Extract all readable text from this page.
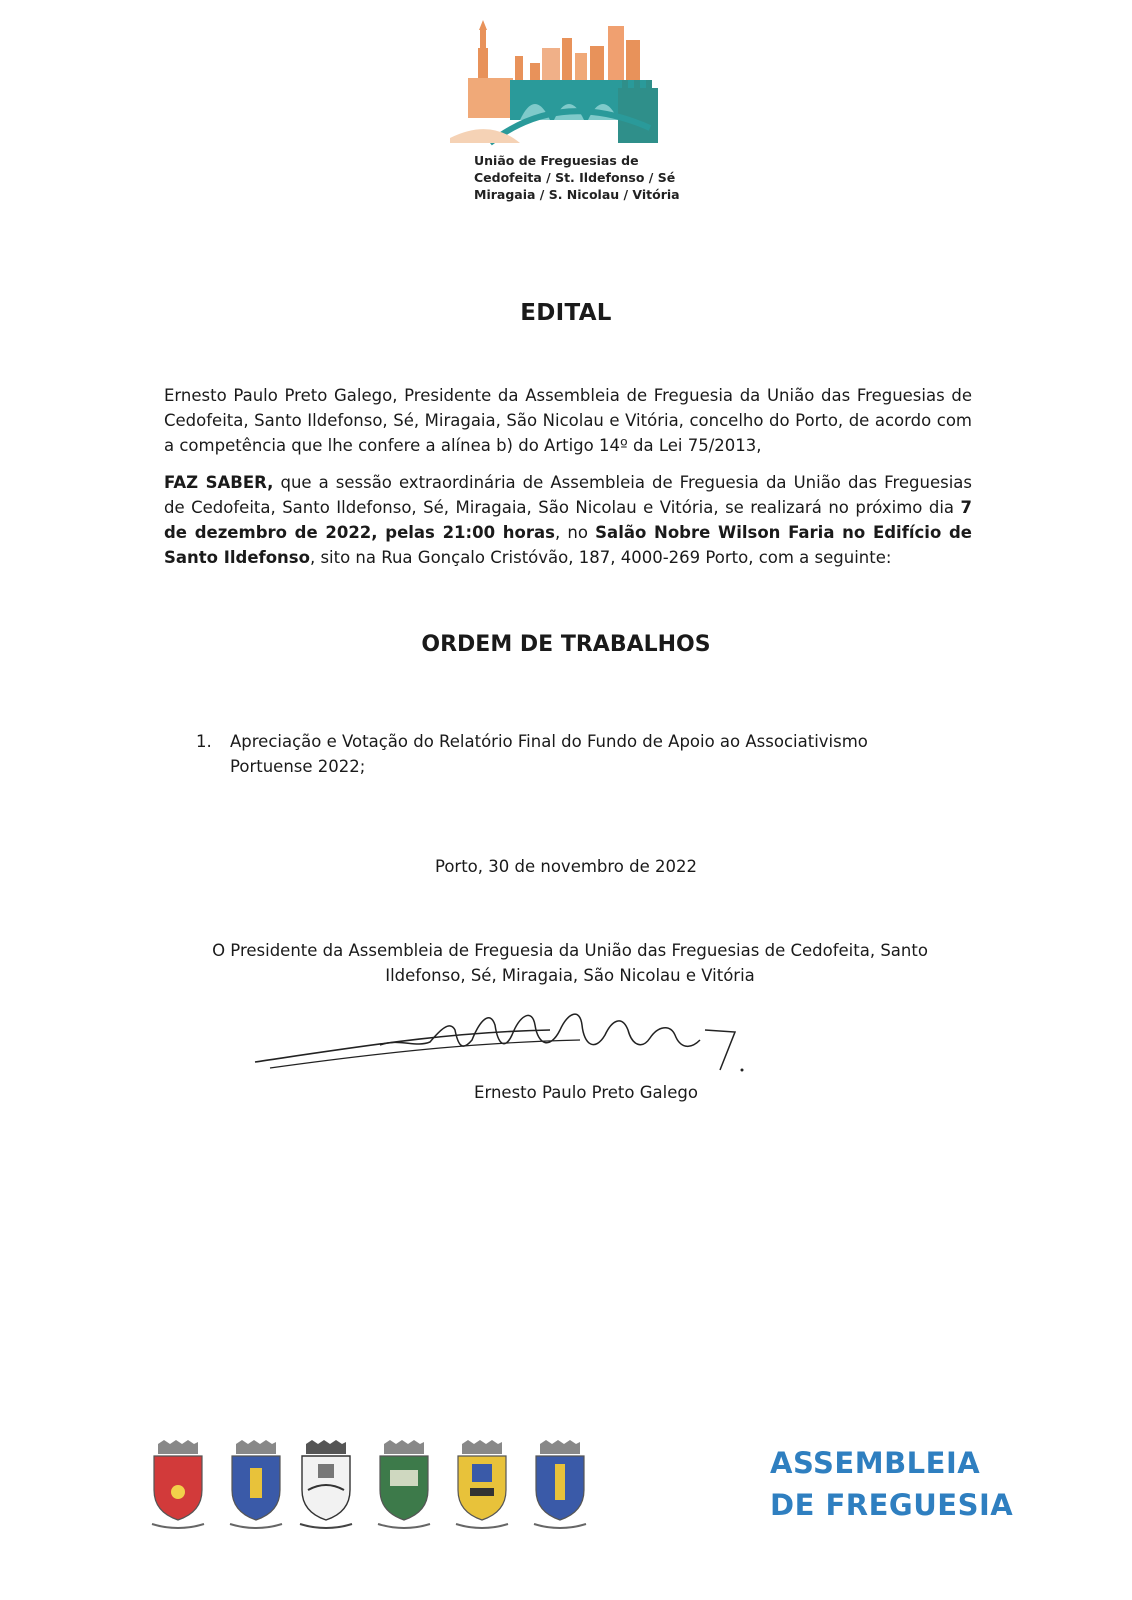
União de Freguesias de
Cedofeita / St. Ildefonso / Sé
Miragaia / S. Nicolau / Vitória
EDITAL

Ernesto Paulo Preto Galego, Presidente da Assembleia de Freguesia da União das Freguesias de Cedofeita, Santo Ildefonso, Sé, Miragaia, São Nicolau e Vitória, concelho do Porto, de acordo com a competência que lhe confere a alínea b) do Artigo 14º da Lei 75/2013,

FAZ SABER, que a sessão extraordinária de Assembleia de Freguesia da União das Freguesias de Cedofeita, Santo Ildefonso, Sé, Miragaia, São Nicolau e Vitória, se realizará no próximo dia 7 de dezembro de 2022, pelas 21:00 horas, no Salão Nobre Wilson Faria no Edifício de Santo Ildefonso, sito na Rua Gonçalo Cristóvão, 187, 4000-269 Porto, com a seguinte:

ORDEM DE TRABALHOS
1.	Apreciação e Votação do Relatório Final do Fundo de Apoio ao Associativismo Portuense 2022;
Porto, 30 de novembro de 2022
O Presidente da Assembleia de Freguesia da União das Freguesias de Cedofeita, Santo Ildefonso, Sé, Miragaia, São Nicolau e Vitória
Ernesto Paulo Preto Galego
ASSEMBLEIA
DE FREGUESIA
